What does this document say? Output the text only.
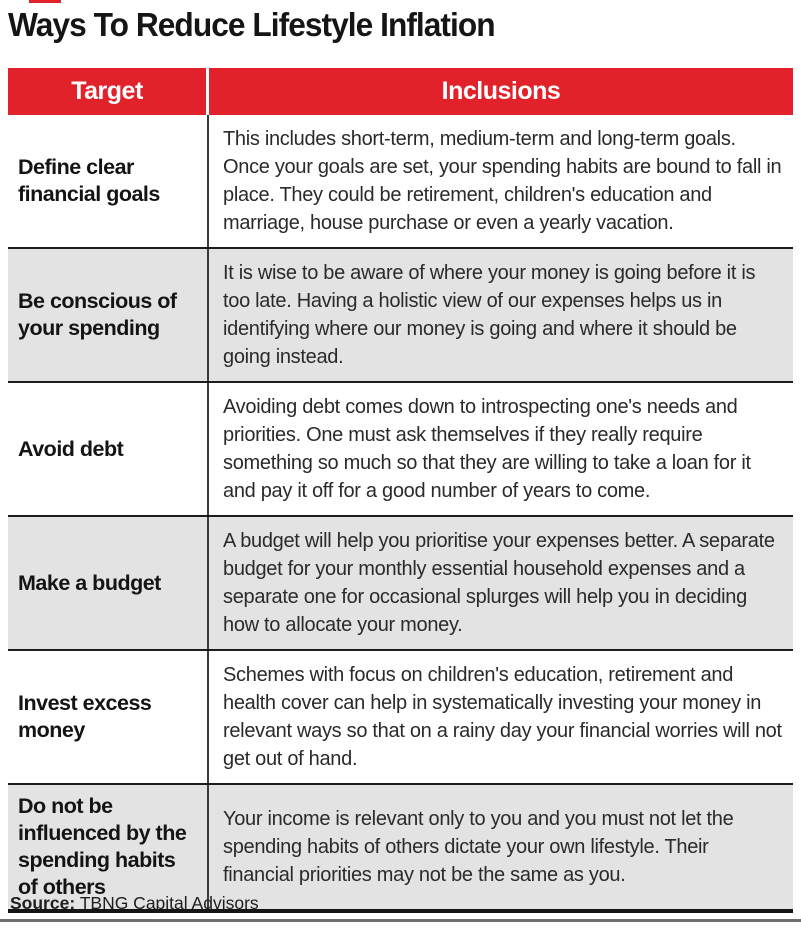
Ways To Reduce Lifestyle Inflation
Target	Inclusions
Define clear financial goals
This includes short-term, medium-term and long-term goals. Once your goals are set, your spending habits are bound to fall in place. They could be retirement, children's education and marriage, house purchase or even a yearly vacation.
Be conscious of your spending
It is wise to be aware of where your money is going before it is too late. Having a holistic view of our expenses helps us in identifying where our money is going and where it should be going instead.
Avoid debt
Avoiding debt comes down to introspecting one's needs and priorities. One must ask themselves if they really require something so much so that they are willing to take a loan for it and pay it off for a good number of years to come.
Make a budget
A budget will help you prioritise your expenses better. A separate budget for your monthly essential household expenses and a separate one for occasional splurges will help you in deciding how to allocate your money.
Invest excess money
Schemes with focus on children's education, retirement and health cover can help in systematically investing your money in relevant ways so that on a rainy day your financial worries will not get out of hand.
Do not be influenced by the spending habits of others
Your income is relevant only to you and you must not let the spending habits of others dictate your own lifestyle. Their financial priorities may not be the same as you.
Source: TBNG Capital Advisors
